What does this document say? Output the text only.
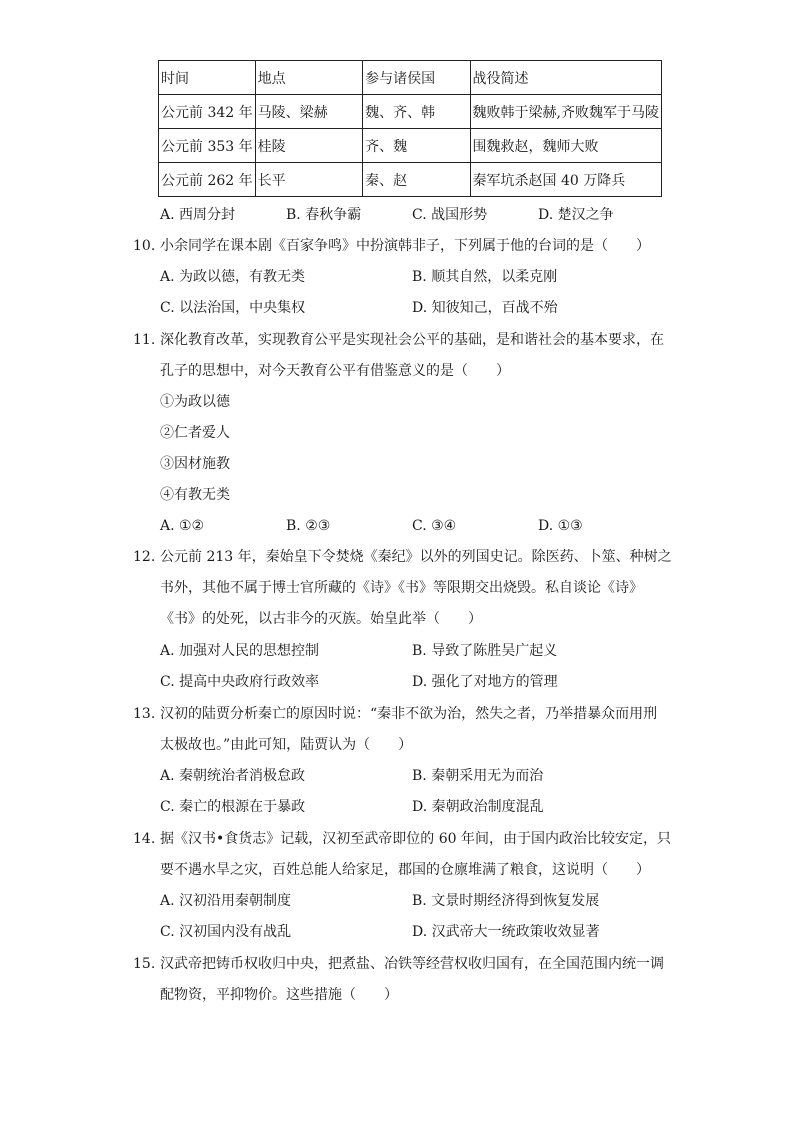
时间	地点	参与诸侯国	战役简述
公元前 342 年	马陵、梁赫	魏、齐、韩	魏败韩于梁赫,齐败魏军于马陵
公元前 353 年	桂陵	齐、魏	围魏救赵，魏师大败
公元前 262 年	长平	秦、赵	秦军坑杀赵国 40 万降兵
A. 西周分封	B. 春秋争霸	C. 战国形势	D. 楚汉之争
10. 小余同学在课本剧《百家争鸣》中扮演韩非子，下列属于他的台词的是（　　）
A. 为政以德，有教无类	B. 顺其自然，以柔克刚
C. 以法治国，中央集权	D. 知彼知己，百战不殆
11. 深化教育改革，实现教育公平是实现社会公平的基础，是和谐社会的基本要求，在
孔子的思想中，对今天教育公平有借鉴意义的是（　　）
①为政以德
②仁者爱人
③因材施教
④有教无类
A. ①②	B. ②③	C. ③④	D. ①③
12. 公元前 213 年，秦始皇下令焚烧《秦纪》以外的列国史记。除医药、卜筮、种树之
书外，其他不属于博士官所藏的《诗》《书》等限期交出烧毁。私自谈论《诗》
《书》的处死，以古非今的灭族。始皇此举（　　）
A. 加强对人民的思想控制	B. 导致了陈胜吴广起义
C. 提高中央政府行政效率	D. 强化了对地方的管理
13. 汉初的陆贾分析秦亡的原因时说：“秦非不欲为治，然失之者，乃举措暴众而用刑
太极故也。”由此可知，陆贾认为（　　）
A. 秦朝统治者消极怠政	B. 秦朝采用无为而治
C. 秦亡的根源在于暴政	D. 秦朝政治制度混乱
14. 据《汉书•食货志》记载，汉初至武帝即位的 60 年间，由于国内政治比较安定，只
要不遇水旱之灾，百姓总能人给家足，郡国的仓廪堆满了粮食，这说明（　　）
A. 汉初沿用秦朝制度	B. 文景时期经济得到恢复发展
C. 汉初国内没有战乱	D. 汉武帝大一统政策收效显著
15. 汉武帝把铸币权收归中央，把煮盐、冶铁等经营权收归国有，在全国范围内统一调
配物资，平抑物价。这些措施（　　）
